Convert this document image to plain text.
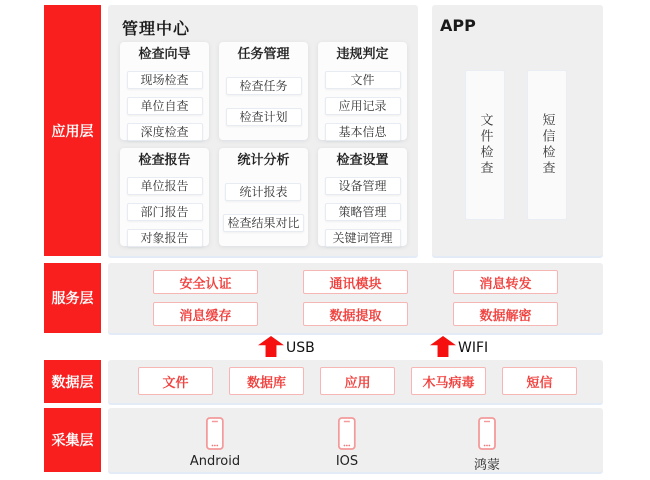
应用层
服务层
数据层
采集层
管理中心
检查向导
现场检查
单位自查
深度检查
任务管理
检查任务
检查计划
违规判定
文件
应用记录
基本信息
检查报告
单位报告
部门报告
对象报告
统计分析
统计报表
检查结果对比
检查设置
设备管理
策略管理
关键词管理
APP
文件检查	短信检查
安全认证	通讯模块	消息转发
消息缓存	数据提取	数据解密
USB	WIFI
文件	数据库	应用	木马病毒	短信
Android	IOS	鸿蒙
